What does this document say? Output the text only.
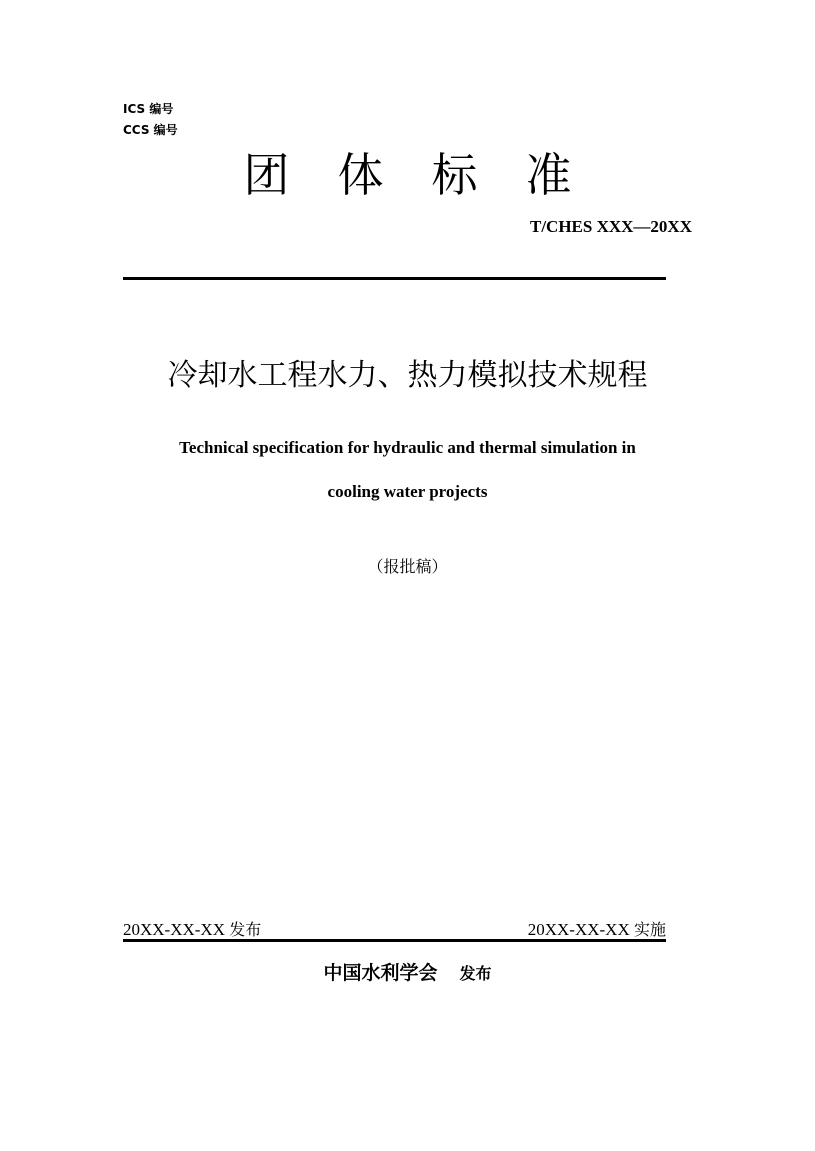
ICS 编号
CCS 编号
团体标准
T/CHES XXX—20XX
冷却水工程水力、热力模拟技术规程
Technical specification for hydraulic and thermal simulation in
cooling water projects
（报批稿）
20XX-XX-XX 发布	20XX-XX-XX 实施
中国水利学会 发布
